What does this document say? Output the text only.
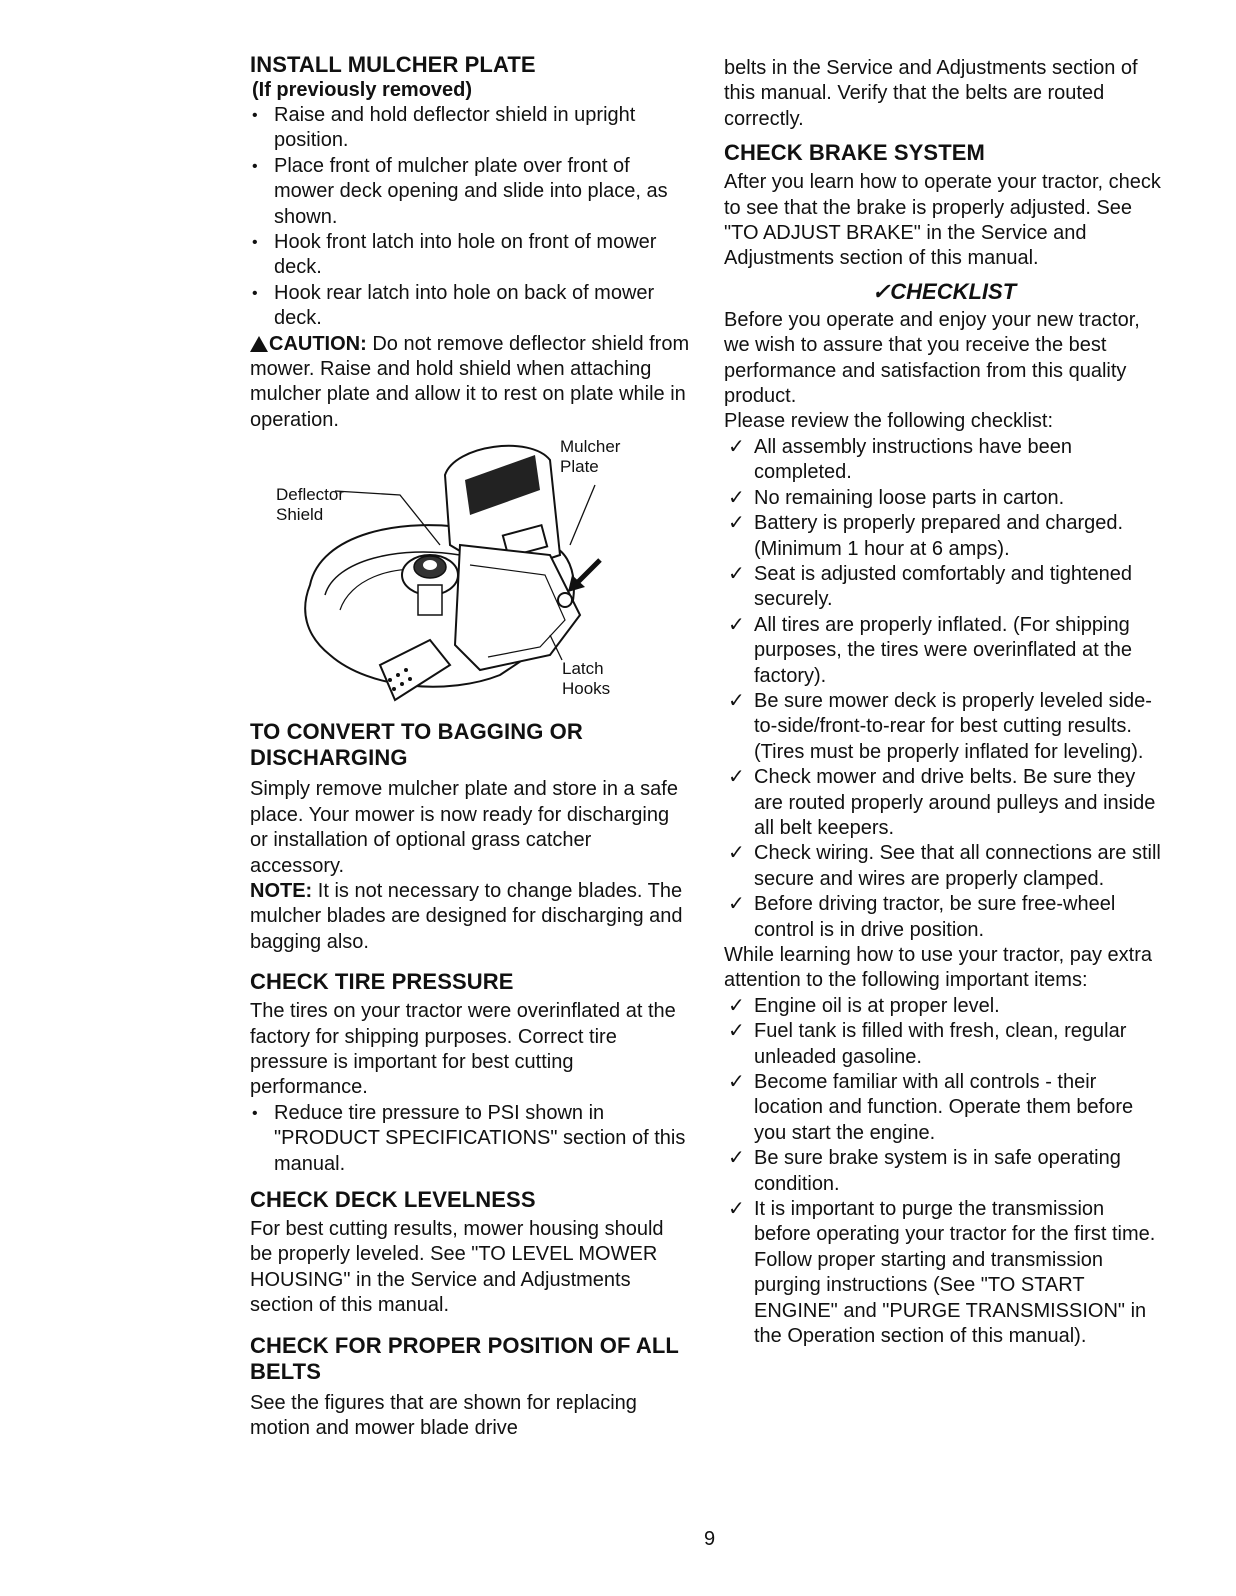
INSTALL MULCHER PLATE
(If previously removed)
• Raise and hold deflector shield in upright position.
• Place front of mulcher plate over front of mower deck opening and slide into place, as shown.
• Hook front latch into hole on front of mower deck.
• Hook rear latch into hole on back of mower deck.

CAUTION: Do not remove deflector shield from mower. Raise and hold shield when attaching mulcher plate and allow it to rest on plate while in operation.

Deflector Shield
Mulcher Plate
Latch Hooks
TO CONVERT TO BAGGING OR DISCHARGING

Simply remove mulcher plate and store in a safe place. Your mower is now ready for discharging or installation of optional grass catcher accessory.

NOTE: It is not necessary to change blades. The mulcher blades are designed for discharging and bagging also.

CHECK TIRE PRESSURE

The tires on your tractor were overinflated at the factory for shipping purposes. Correct tire pressure is important for best cutting performance.

• Reduce tire pressure to PSI shown in "PRODUCT SPECIFICATIONS" section of this manual.
CHECK DECK LEVELNESS

For best cutting results, mower housing should be properly leveled. See "TO LEVEL MOWER HOUSING" in the Service and Adjustments section of this manual.

CHECK FOR PROPER POSITION OF ALL BELTS

See the figures that are shown for replacing motion and mower blade drive

belts in the Service and Adjustments section of this manual. Verify that the belts are routed correctly.

CHECK BRAKE SYSTEM

After you learn how to operate your tractor, check to see that the brake is properly adjusted. See "TO ADJUST BRAKE" in the Service and Adjustments section of this manual.

✓CHECKLIST

Before you operate and enjoy your new tractor, we wish to assure that you receive the best performance and satisfaction from this quality product.

Please review the following checklist:

✓ All assembly instructions have been completed.
✓ No remaining loose parts in carton.
✓ Battery is properly prepared and charged. (Minimum 1 hour at 6 amps).
✓ Seat is adjusted comfortably and tightened securely.
✓ All tires are properly inflated. (For shipping purposes, the tires were overinflated at the factory).
✓ Be sure mower deck is properly leveled side-to-side/front-to-rear for best cutting results. (Tires must be properly inflated for leveling).
✓ Check mower and drive belts. Be sure they are routed properly around pulleys and inside all belt keepers.
✓ Check wiring. See that all connections are still secure and wires are properly clamped.
✓ Before driving tractor, be sure free-wheel control is in drive position.

While learning how to use your tractor, pay extra attention to the following important items:

✓ Engine oil is at proper level.
✓ Fuel tank is filled with fresh, clean, regular unleaded gasoline.
✓ Become familiar with all controls - their location and function. Operate them before you start the engine.
✓ Be sure brake system is in safe operating condition.
✓ It is important to purge the transmission before operating your tractor for the first time. Follow proper starting and transmission purging instructions (See "TO START ENGINE" and "PURGE TRANSMISSION" in the Operation section of this manual).
9
